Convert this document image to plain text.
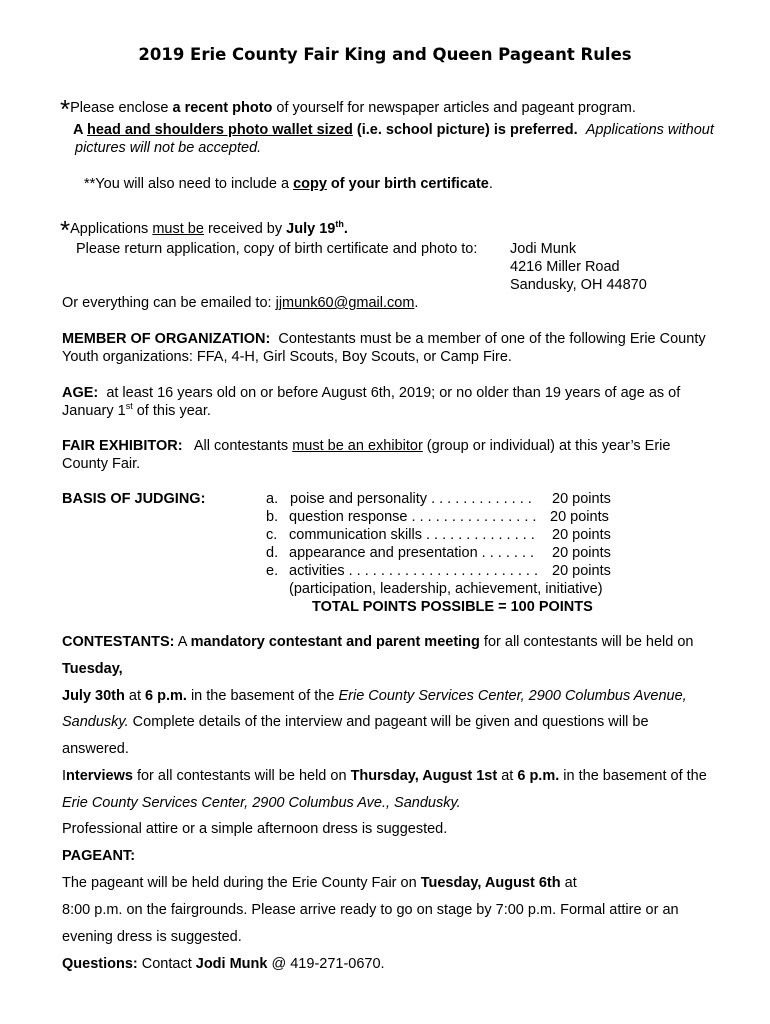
2019 Erie County Fair King and Queen Pageant Rules
*Please enclose a recent photo of yourself for newspaper articles and pageant program.
A head and shoulders photo wallet sized (i.e. school picture) is preferred. Applications without
pictures will not be accepted.
**You will also need to include a copy of your birth certificate.
*Applications must be received by July 19th.
Please return application, copy of birth certificate and photo to: Jodi Munk
4216 Miller Road
Sandusky, OH 44870
Or everything can be emailed to: jjmunk60@gmail.com.
MEMBER OF ORGANIZATION: Contestants must be a member of one of the following Erie County
Youth organizations: FFA, 4-H, Girl Scouts, Boy Scouts, or Camp Fire.
AGE: at least 16 years old on or before August 6th, 2019; or no older than 19 years of age as of
January 1st of this year.
FAIR EXHIBITOR: All contestants must be an exhibitor (group or individual) at this year’s Erie
County Fair.
BASIS OF JUDGING:	a. poise and personality . . . . . . . . . . . . . 20 points
b. question response . . . . . . . . . . . . . . . . 20 points
c. communication skills . . . . . . . . . . . . . . 20 points
d. appearance and presentation . . . . . . . 20 points
e. activities . . . . . . . . . . . . . . . . . . . . . . . . 20 points
(participation, leadership, achievement, initiative)
TOTAL POINTS POSSIBLE = 100 POINTS
CONTESTANTS: A mandatory contestant and parent meeting for all contestants will be held on
Tuesday,
July 30th at 6 p.m. in the basement of the Erie County Services Center, 2900 Columbus Avenue,
Sandusky. Complete details of the interview and pageant will be given and questions will be
answered.
Interviews for all contestants will be held on Thursday, August 1st at 6 p.m. in the basement of the
Erie County Services Center, 2900 Columbus Ave., Sandusky.
Professional attire or a simple afternoon dress is suggested.
PAGEANT:
The pageant will be held during the Erie County Fair on Tuesday, August 6th at
8:00 p.m. on the fairgrounds. Please arrive ready to go on stage by 7:00 p.m. Formal attire or an
evening dress is suggested.
Questions: Contact Jodi Munk @ 419-271-0670.
